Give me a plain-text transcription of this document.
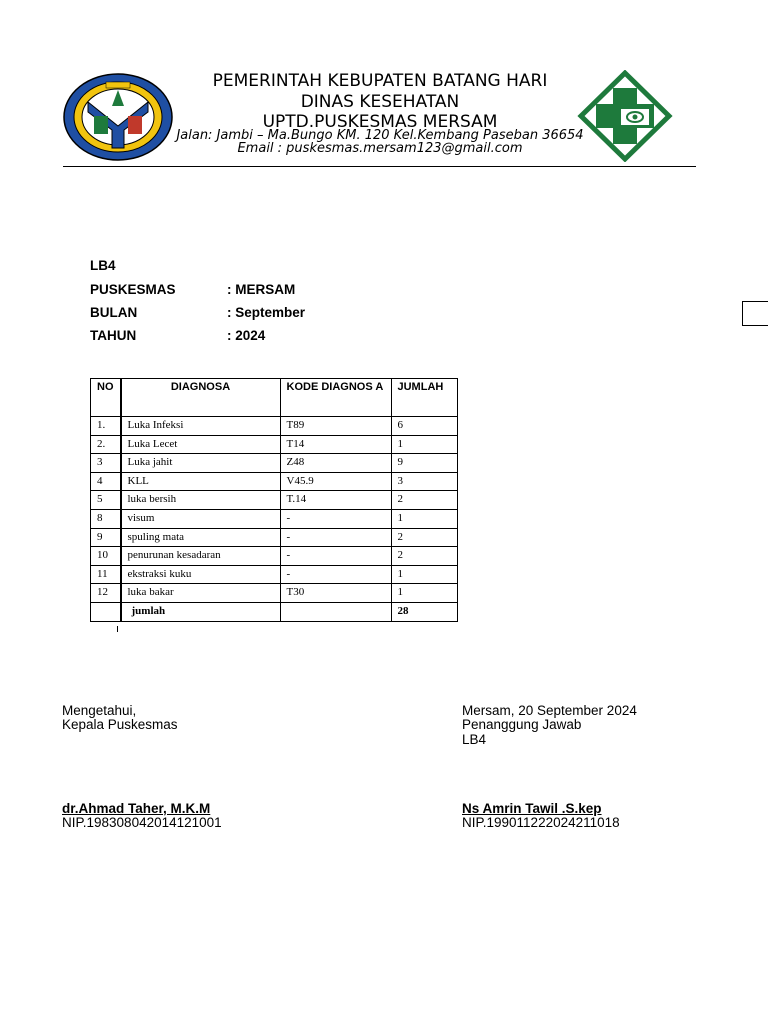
PEMERINTAH KEBUPATEN BATANG HARI
DINAS KESEHATAN
UPTD.PUSKESMAS MERSAM
Jalan: Jambi – Ma.Bungo KM. 120 Kel.Kembang Paseban 36654
Email : puskesmas.mersam123@gmail.com
LB4
PUSKESMAS	: MERSAM
BULAN	: September
TAHUN	: 2024
NO		DIAGNOSA	KODE DIAGNOS A	JUMLAH
1.		Luka Infeksi	T89	6
2.		Luka Lecet	T14	1
3		Luka jahit	Z48	9
4		KLL	V45.9	3
5		luka bersih	T.14	2
8		visum	-	1
9		spuling mata	-	2
10		penurunan kesadaran	-	2
11		ekstraksi kuku	-	1
12		luka bakar	T30	1
		jumlah		28
Mengetahui,
Kepala Puskesmas
dr.Ahmad Taher, M.K.M
NIP.198308042014121001
Mersam, 20 September 2024
Penanggung Jawab
LB4
Ns Amrin Tawil .S.kep
NIP.199011222024211018
